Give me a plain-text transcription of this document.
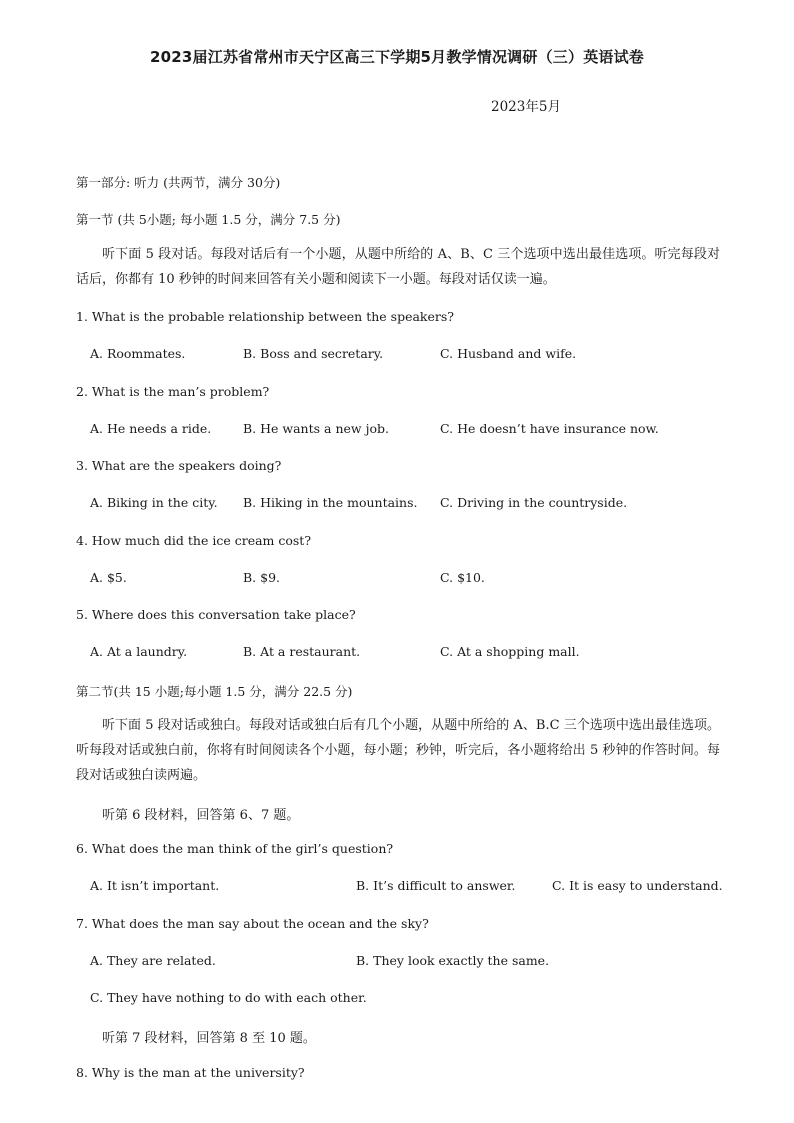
2023届江苏省常州市天宁区高三下学期5月教学情况调研（三）英语试卷
2023年5月
第一部分: 听力 (共两节，满分 30分)
第一节 (共 5小题; 每小题 1.5 分，满分 7.5 分)
听下面 5 段对话。每段对话后有一个小题，从题中所给的 A、B、C 三个选项中选出最佳选项。听完每段对话后，你都有 10 秒钟的时间来回答有关小题和阅读下一小题。每段对话仅读一遍。
1. What is the probable relationship between the speakers?
A. Roommates.	B. Boss and secretary.	C. Husband and wife.
2. What is the man’s problem?
A. He needs a ride.	B. He wants a new job.	C. He doesn’t have insurance now.
3. What are the speakers doing?
A. Biking in the city. B. Hiking in the mountains. C. Driving in the countryside.
4. How much did the ice cream cost?
A. $5.	B. $9.	C. $10.
5. Where does this conversation take place?
A. At a laundry.	B. At a restaurant.	C. At a shopping mall.
第二节(共 15 小题;每小题 1.5 分，满分 22.5 分)
听下面 5 段对话或独白。每段对话或独白后有几个小题，从题中所给的 A、B.C 三个选项中选出最佳选项。听每段对话或独白前，你将有时间阅读各个小题，每小题；秒钟，听完后，各小题将给出 5 秒钟的作答时间。每段对话或独白读两遍。
听第 6 段材料，回答第 6、7 题。
6. What does the man think of the girl’s question?
A. It isn’t important.	B. It’s difficult to answer.	C. It is easy to understand.
7. What does the man say about the ocean and the sky?
A. They are related.	B. They look exactly the same.
C. They have nothing to do with each other.
听第 7 段材料，回答第 8 至 10 题。
8. Why is the man at the university?
